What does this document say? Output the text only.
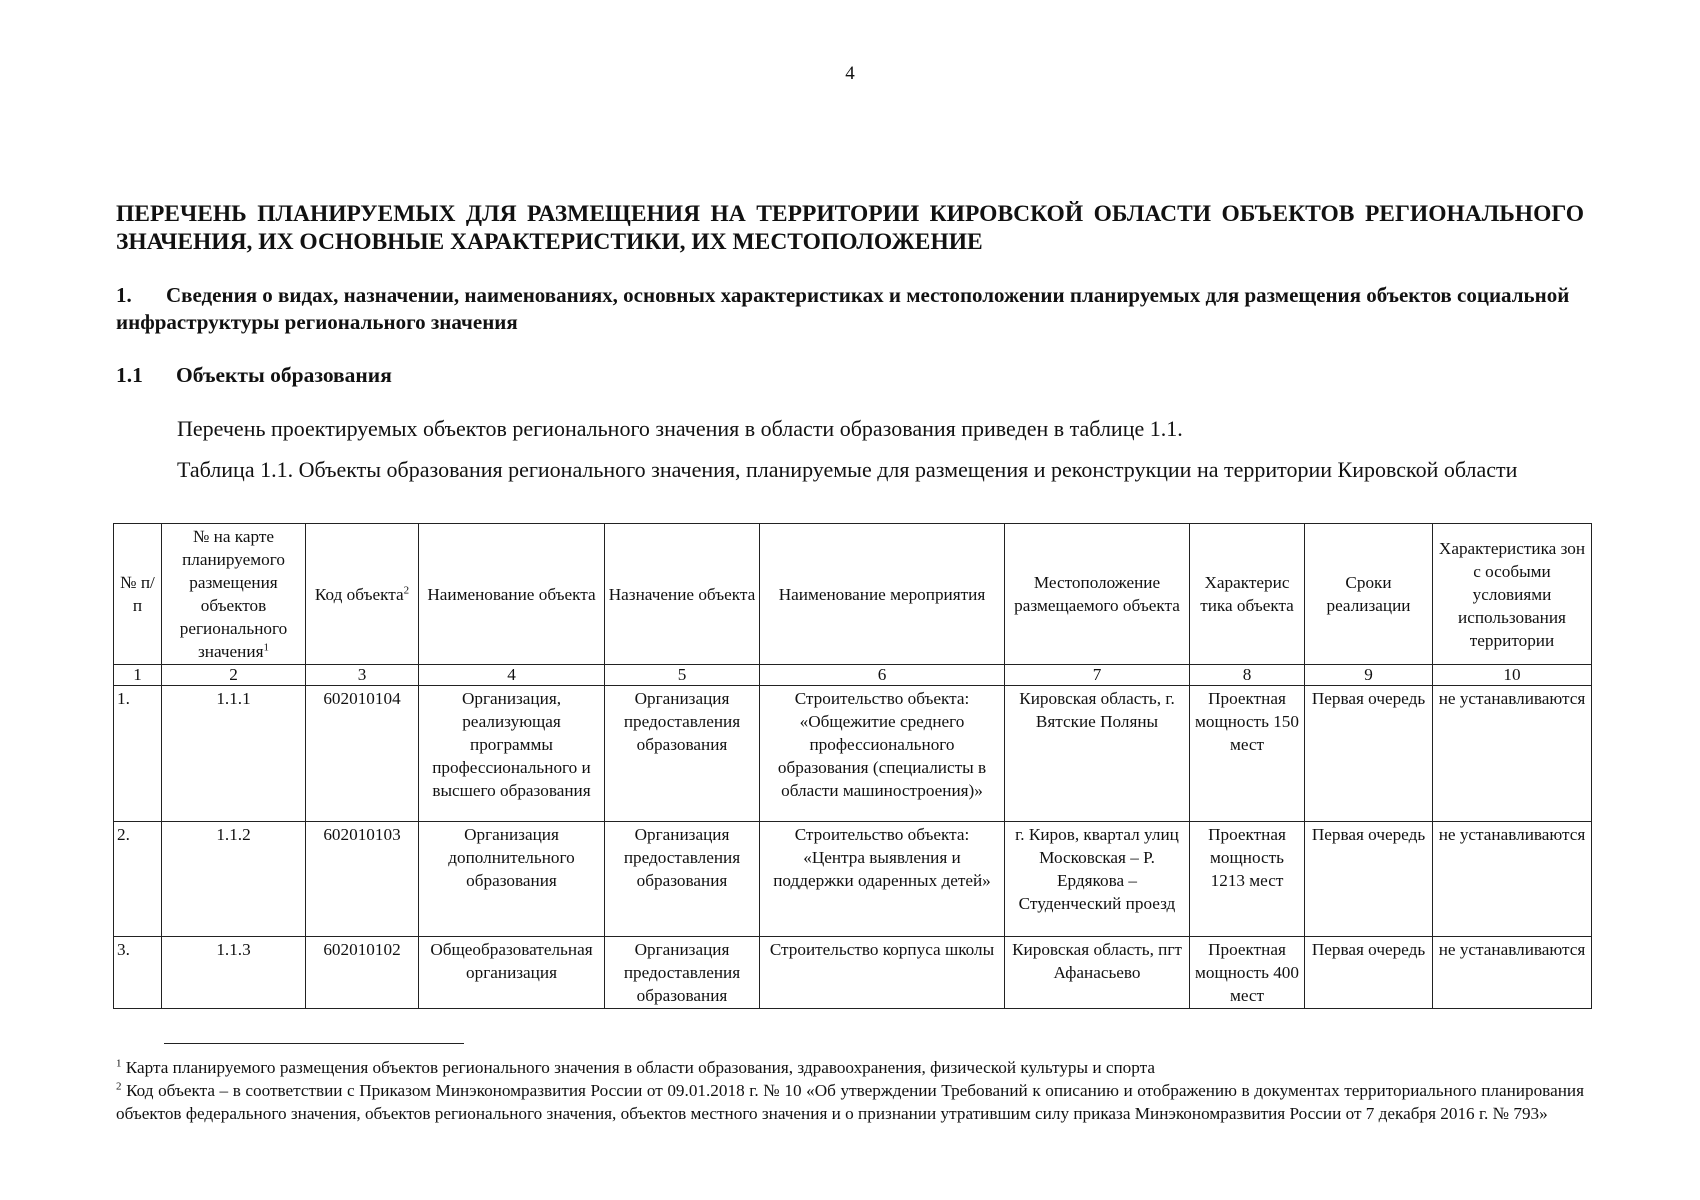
4
ПЕРЕЧЕНЬ ПЛАНИРУЕМЫХ ДЛЯ РАЗМЕЩЕНИЯ НА ТЕРРИТОРИИ КИРОВСКОЙ ОБЛАСТИ ОБЪЕКТОВ РЕГИОНАЛЬНОГО ЗНАЧЕНИЯ, ИХ ОСНОВНЫЕ ХАРАКТЕРИСТИКИ, ИХ МЕСТОПОЛОЖЕНИЕ
1. Сведения о видах, назначении, наименованиях, основных характеристиках и местоположении планируемых для размещения объектов социальной инфраструктуры регионального значения
1.1 Объекты образования
Перечень проектируемых объектов регионального значения в области образования приведен в таблице 1.1.
Таблица 1.1. Объекты образования регионального значения, планируемые для размещения и реконструкции на территории Кировской области
№ п/п	№ на карте планируемого размещения объектов регионального значения$^1$	Код объекта$^2$	Наименование объекта	Назначение объекта	Наименование мероприятия	Местоположение размещаемого объекта	Характерис тика объекта	Сроки реализации	Характеристика зон с особыми условиями использования территории
1	2	3	4	5	6	7	8	9	10
1.	1.1.1	602010104	Организация, реализующая программы профессионального и высшего образования	Организация предоставления образования	Строительство объекта: «Общежитие среднего профессионального образования (специалисты в области машиностроения)»	Кировская область, г. Вятские Поляны	Проектная мощность 150 мест	Первая очередь	не устанавливаются
2.	1.1.2	602010103	Организация дополнительного образования	Организация предоставления образования	Строительство объекта: «Центра выявления и поддержки одаренных детей»	г. Киров, квартал улиц Московская – Р. Ердякова – Студенческий проезд	Проектная мощность 1213 мест	Первая очередь	не устанавливаются
3.	1.1.3	602010102	Общеобразовательная организация	Организация предоставления образования	Строительство корпуса школы	Кировская область, пгт Афанасьево	Проектная мощность 400 мест	Первая очередь	не устанавливаются

$^1$ Карта планируемого размещения объектов регионального значения в области образования, здравоохранения, физической культуры и спорта

$^2$ Код объекта – в соответствии с Приказом Минэкономразвития России от 09.01.2018 г. № 10 «Об утверждении Требований к описанию и отображению в документах территориального планирования объектов федерального значения, объектов регионального значения, объектов местного значения и о признании утратившим силу приказа Минэкономразвития России от 7 декабря 2016 г. № 793»
